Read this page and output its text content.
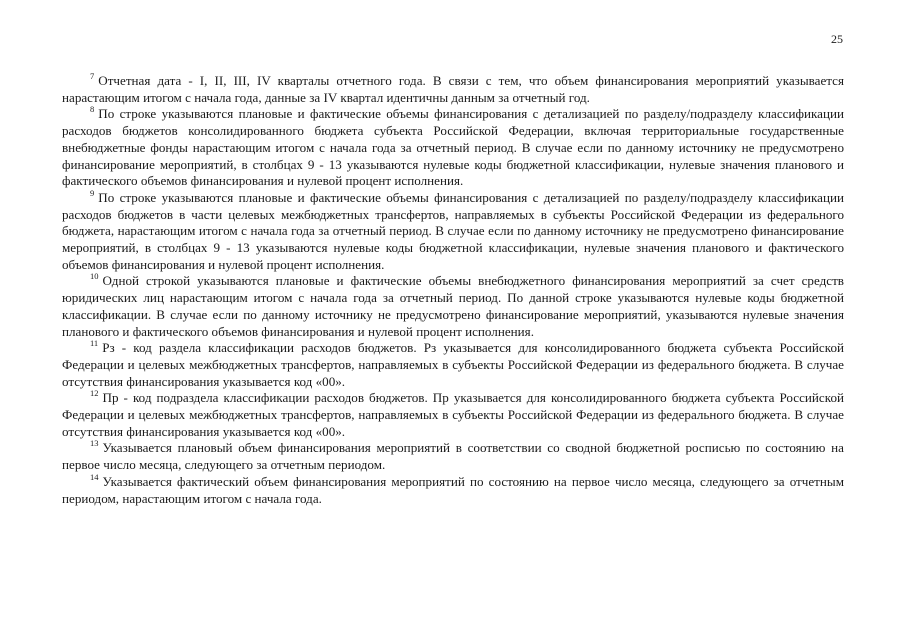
25

$^7$ Отчетная дата - I, II, III, IV кварталы отчетного года. В связи с тем, что объем финансирования мероприятий указывается нарастающим итогом с начала года, данные за IV квартал идентичны данным за отчетный год.

$^8$ По строке указываются плановые и фактические объемы финансирования с детализацией по разделу/подразделу классификации расходов бюджетов консолидированного бюджета субъекта Российской Федерации, включая территориальные государственные внебюджетные фонды нарастающим итогом с начала года за отчетный период. В случае если по данному источнику не предусмотрено финансирование мероприятий, в столбцах 9 - 13 указываются нулевые коды бюджетной классификации, нулевые значения планового и фактического объемов финансирования и нулевой процент исполнения.

$^9$ По строке указываются плановые и фактические объемы финансирования с детализацией по разделу/подразделу классификации расходов бюджетов в части целевых межбюджетных трансфертов, направляемых в субъекты Российской Федерации из федерального бюджета, нарастающим итогом с начала года за отчетный период. В случае если по данному источнику не предусмотрено финансирование мероприятий, в столбцах 9 - 13 указываются нулевые коды бюджетной классификации, нулевые значения планового и фактического объемов финансирования и нулевой процент исполнения.

$^{10}$ Одной строкой указываются плановые и фактические объемы внебюджетного финансирования мероприятий за счет средств юридических лиц нарастающим итогом с начала года за отчетный период. По данной строке указываются нулевые коды бюджетной классификации. В случае если по данному источнику не предусмотрено финансирование мероприятий, указываются нулевые значения планового и фактического объемов финансирования и нулевой процент исполнения.

$^{11}$ Рз - код раздела классификации расходов бюджетов. Рз указывается для консолидированного бюджета субъекта Российской Федерации и целевых межбюджетных трансфертов, направляемых в субъекты Российской Федерации из федерального бюджета. В случае отсутствия финансирования указывается код «00».

$^{12}$ Пр - код подраздела классификации расходов бюджетов. Пр указывается для консолидированного бюджета субъекта Российской Федерации и целевых межбюджетных трансфертов, направляемых в субъекты Российской Федерации из федерального бюджета. В случае отсутствия финансирования указывается код «00».

$^{13}$ Указывается плановый объем финансирования мероприятий в соответствии со сводной бюджетной росписью по состоянию на первое число месяца, следующего за отчетным периодом.

$^{14}$ Указывается фактический объем финансирования мероприятий по состоянию на первое число месяца, следующего за отчетным периодом, нарастающим итогом с начала года.
